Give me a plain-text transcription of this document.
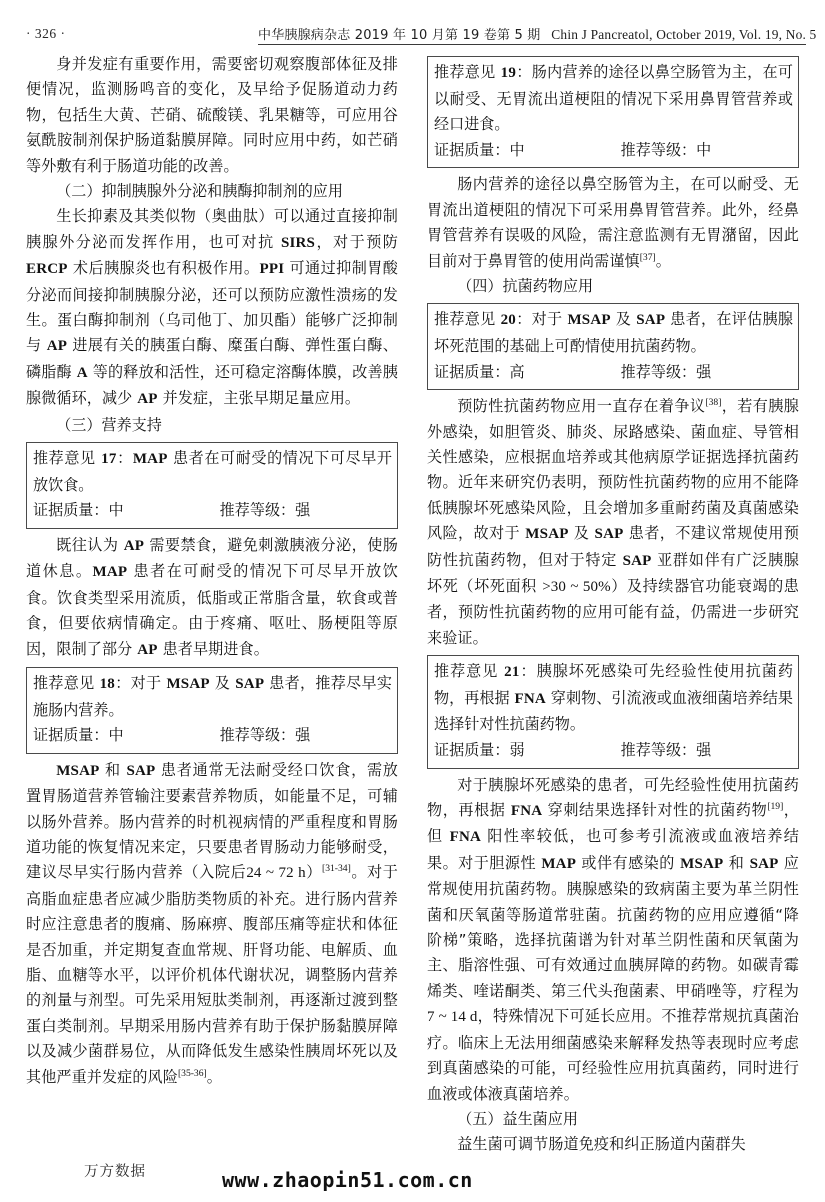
· 326 ·	中华胰腺病杂志 2019 年 10 月第 19 卷第 5 期 Chin J Pancreatol, October 2019, Vol. 19, No. 5

身并发症有重要作用，需要密切观察腹部体征及排便情况，监测肠鸣音的变化，及早给予促肠道动力药物，包括生大黄、芒硝、硫酸镁、乳果糖等，可应用谷氨酰胺制剂保护肠道黏膜屏障。同时应用中药，如芒硝等外敷有利于肠道功能的改善。

（二）抑制胰腺外分泌和胰酶抑制剂的应用

生长抑素及其类似物（奥曲肽）可以通过直接抑制胰腺外分泌而发挥作用，也可对抗 SIRS，对于预防 ERCP 术后胰腺炎也有积极作用。PPI 可通过抑制胃酸分泌而间接抑制胰腺分泌，还可以预防应激性溃疡的发生。蛋白酶抑制剂（乌司他丁、加贝酯）能够广泛抑制与 AP 进展有关的胰蛋白酶、糜蛋白酶、弹性蛋白酶、磷脂酶 A 等的释放和活性，还可稳定溶酶体膜，改善胰腺微循环，减少 AP 并发症，主张早期足量应用。

（三）营养支持

推荐意见 17：MAP 患者在可耐受的情况下可尽早开放饮食。

证据质量：中	推荐等级：强

既往认为 AP 需要禁食，避免刺激胰液分泌，使肠道休息。MAP 患者在可耐受的情况下可尽早开放饮食。饮食类型采用流质，低脂或正常脂含量，软食或普食，但要依病情确定。由于疼痛、呕吐、肠梗阻等原因，限制了部分 AP 患者早期进食。

推荐意见 18：对于 MSAP 及 SAP 患者，推荐尽早实施肠内营养。

证据质量：中	推荐等级：强

MSAP 和 SAP 患者通常无法耐受经口饮食，需放置胃肠道营养管输注要素营养物质，如能量不足，可辅以肠外营养。肠内营养的时机视病情的严重程度和胃肠道功能的恢复情况来定，只要患者胃肠动力能够耐受，建议尽早实行肠内营养（入院后24 ~ 72 h）[31-34]。对于高脂血症患者应减少脂肪类物质的补充。进行肠内营养时应注意患者的腹痛、肠麻痹、腹部压痛等症状和体征是否加重，并定期复查血常规、肝肾功能、电解质、血脂、血糖等水平，以评价机体代谢状况，调整肠内营养的剂量与剂型。可先采用短肽类制剂，再逐渐过渡到整蛋白类制剂。早期采用肠内营养有助于保护肠黏膜屏障以及减少菌群易位，从而降低发生感染性胰周坏死以及其他严重并发症的风险[35-36]。

推荐意见 19：肠内营养的途径以鼻空肠管为主，在可以耐受、无胃流出道梗阻的情况下采用鼻胃管营养或经口进食。

证据质量：中	推荐等级：中

肠内营养的途径以鼻空肠管为主，在可以耐受、无胃流出道梗阻的情况下可采用鼻胃管营养。此外，经鼻胃管营养有误吸的风险，需注意监测有无胃潴留，因此目前对于鼻胃管的使用尚需谨慎[37]。

（四）抗菌药物应用

推荐意见 20：对于 MSAP 及 SAP 患者，在评估胰腺坏死范围的基础上可酌情使用抗菌药物。

证据质量：高	推荐等级：强

预防性抗菌药物应用一直存在着争议[38]，若有胰腺外感染，如胆管炎、肺炎、尿路感染、菌血症、导管相关性感染，应根据血培养或其他病原学证据选择抗菌药物。近年来研究仍表明，预防性抗菌药物的应用不能降低胰腺坏死感染风险，且会增加多重耐药菌及真菌感染风险，故对于 MSAP 及 SAP 患者，不建议常规使用预防性抗菌药物，但对于特定 SAP 亚群如伴有广泛胰腺坏死（坏死面积 >30 ~ 50%）及持续器官功能衰竭的患者，预防性抗菌药物的应用可能有益，仍需进一步研究来验证。

推荐意见 21：胰腺坏死感染可先经验性使用抗菌药物，再根据 FNA 穿刺物、引流液或血液细菌培养结果选择针对性抗菌药物。

证据质量：弱	推荐等级：强

对于胰腺坏死感染的患者，可先经验性使用抗菌药物，再根据 FNA 穿刺结果选择针对性的抗菌药物[19]，但 FNA 阳性率较低，也可参考引流液或血液培养结果。对于胆源性 MAP 或伴有感染的 MSAP 和 SAP 应常规使用抗菌药物。胰腺感染的致病菌主要为革兰阴性菌和厌氧菌等肠道常驻菌。抗菌药物的应用应遵循“降阶梯”策略，选择抗菌谱为针对革兰阴性菌和厌氧菌为主、脂溶性强、可有效通过血胰屏障的药物。如碳青霉烯类、喹诺酮类、第三代头孢菌素、甲硝唑等，疗程为7 ~ 14 d，特殊情况下可延长应用。不推荐常规抗真菌治疗。临床上无法用细菌感染来解释发热等表现时应考虑到真菌感染的可能，可经验性应用抗真菌药，同时进行血液或体液真菌培养。

（五）益生菌应用

益生菌可调节肠道免疫和纠正肠道内菌群失

万方数据	www.zhaopin51.com.cn
